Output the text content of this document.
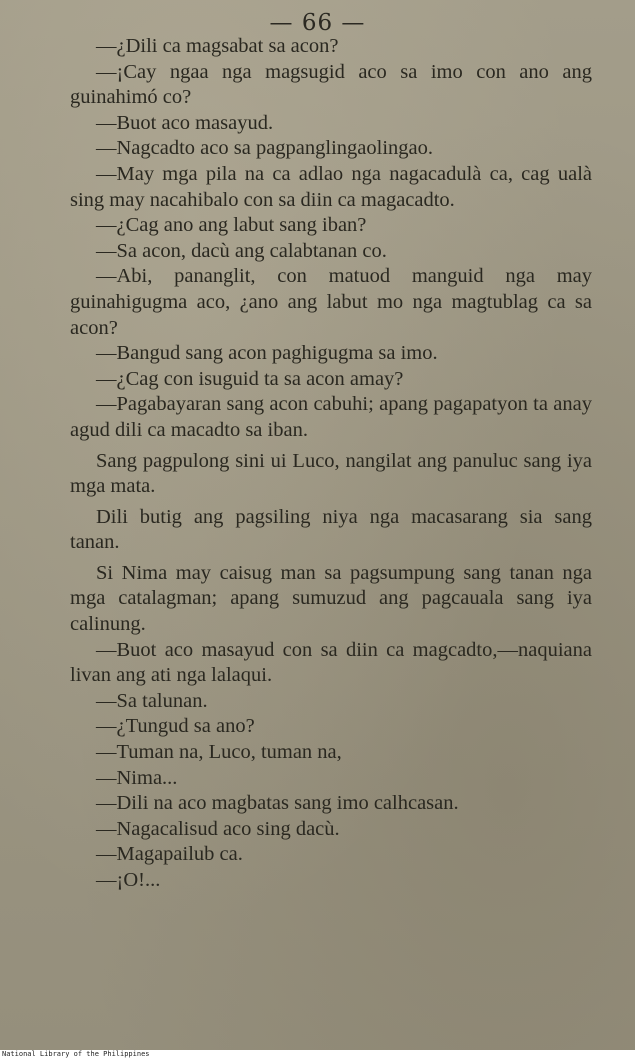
— 66 —

—¿Dili ca magsabat sa acon?

—¡Cay ngaa nga magsugid aco sa imo con ano ang guinahimó co?

—Buot aco masayud.

—Nagcadto aco sa pagpanglingaolingao.

—May mga pila na ca adlao nga nagacadulà ca, cag ualà sing may nacahibalo con sa diin ca magacadto.

—¿Cag ano ang labut sang iban?

—Sa acon, dacù ang calabtanan co.

—Abi, pananglit, con matuod manguid nga may guinahigugma aco, ¿ano ang labut mo nga magtublag ca sa acon?

—Bangud sang acon paghigugma sa imo.

—¿Cag con isuguid ta sa acon amay?

—Pagabayaran sang acon cabuhi; apang pagapatyon ta anay agud dili ca macadto sa iban.

Sang pagpulong sini ui Luco, nangilat ang panuluc sang iya mga mata.

Dili butig ang pagsiling niya nga macasarang sia sang tanan.

Si Nima may caisug man sa pagsumpung sang tanan nga mga catalagman; apang sumuzud ang pagcauala sang iya calinung.

—Buot aco masayud con sa diin ca magcadto,—naquiana livan ang ati nga lalaqui.

—Sa talunan.

—¿Tungud sa ano?

—Tuman na, Luco, tuman na,

—Nima...

—Dili na aco magbatas sang imo calhcasan.

—Nagacalisud aco sing dacù.

—Magapailub ca.

—¡O!...

National Library of the Philippines
